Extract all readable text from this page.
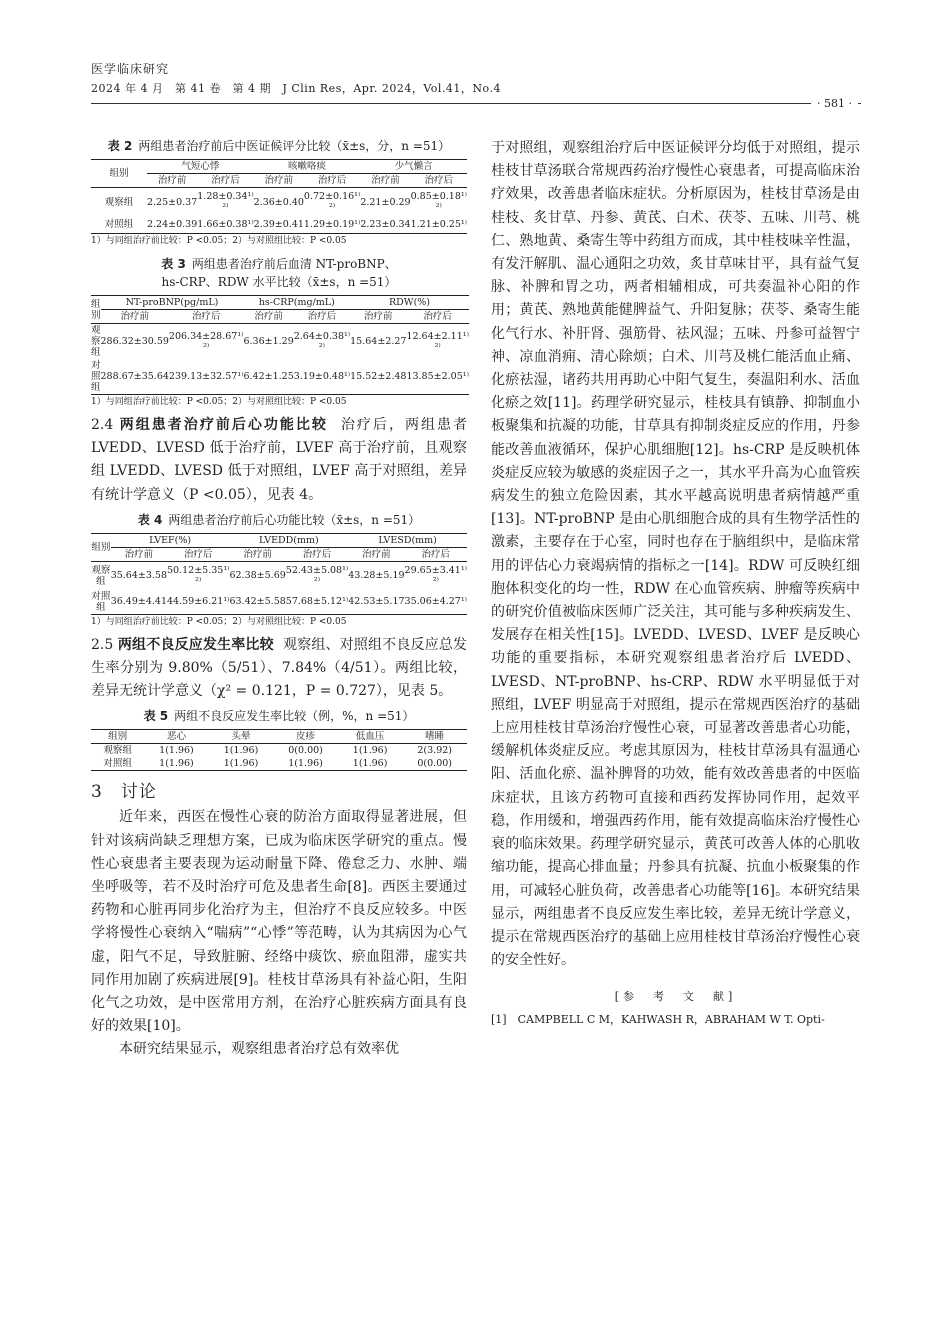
医学临床研究
2024 年 4 月　第 41 卷　第 4 期　J Clin Res，Apr. 2024，Vol.41，No.4
· 581 ·
表 2 两组患者治疗前后中医证候评分比较（x̄±s，分，n =51）
组别	气短心悸		咳嗽咯痰		少气懒言	
	治疗前	治疗后	治疗前	治疗后	治疗前	治疗后
观察组	2.25±0.37	1.28±0.34¹⁾²⁾	2.36±0.40	0.72±0.16¹⁾²⁾	2.21±0.29	0.85±0.18¹⁾²⁾
对照组	2.24±0.39	1.66±0.38¹⁾	2.39±0.41	1.29±0.19¹⁾	2.23±0.34	1.21±0.25¹⁾
1）与同组治疗前比较：P <0.05；2）与对照组比较：P <0.05
表 3 两组患者治疗前后血清 NT-proBNP、
hs-CRP、RDW 水平比较（x̄±s，n =51）
组别	NT-proBNP(pg/mL)		hs-CRP(mg/mL)		RDW(%)	
	治疗前	治疗后	治疗前	治疗后	治疗前	治疗后
观察组	286.32±30.59	206.34±28.67¹⁾²⁾	6.36±1.29	2.64±0.38¹⁾²⁾	15.64±2.27	12.64±2.11¹⁾²⁾
对照组	288.67±35.64	239.13±32.57¹⁾	6.42±1.25	3.19±0.48¹⁾	15.52±2.48	13.85±2.05¹⁾
1）与同组治疗前比较：P <0.05；2）与对照组比较：P <0.05

2.4 两组患者治疗前后心功能比较 治疗后，两组患者 LVEDD、LVESD 低于治疗前，LVEF 高于治疗前，且观察组 LVEDD、LVESD 低于对照组，LVEF 高于对照组，差异有统计学意义（P <0.05），见表 4。

表 4 两组患者治疗前后心功能比较（x̄±s，n =51）
组别	LVEF(%)		LVEDD(mm)		LVESD(mm)	
	治疗前	治疗后	治疗前	治疗后	治疗前	治疗后
观察组	35.64±3.58	50.12±5.35¹⁾²⁾	62.38±5.69	52.43±5.08¹⁾²⁾	43.28±5.19	29.65±3.41¹⁾²⁾
对照组	36.49±4.41	44.59±6.21¹⁾	63.42±5.58	57.68±5.12¹⁾	42.53±5.17	35.06±4.27¹⁾
1）与同组治疗前比较：P <0.05；2）与对照组比较：P <0.05

2.5 两组不良反应发生率比较 观察组、对照组不良反应总发生率分别为 9.80%（5/51）、7.84%（4/51）。两组比较，差异无统计学意义（χ² = 0.121，P = 0.727），见表 5。

表 5 两组不良反应发生率比较（例，%，n =51）
组别	恶心	头晕	皮疹	低血压	嗜睡
观察组	1(1.96)	1(1.96)	0(0.00)	1(1.96)	2(3.92)
对照组	1(1.96)	1(1.96)	1(1.96)	1(1.96)	0(0.00)
3　讨论

近年来，西医在慢性心衰的防治方面取得显著进展，但针对该病尚缺乏理想方案，已成为临床医学研究的重点。慢性心衰患者主要表现为运动耐量下降、倦怠乏力、水肿、端坐呼吸等，若不及时治疗可危及患者生命[8]。西医主要通过药物和心脏再同步化治疗为主，但治疗不良反应较多。中医学将慢性心衰纳入“喘病”“心悸”等范畴，认为其病因为心气虚，阳气不足，导致脏腑、经络中痰饮、瘀血阻滞，虚实共同作用加剧了疾病进展[9]。桂枝甘草汤具有补益心阳，生阳化气之功效，是中医常用方剂，在治疗心脏疾病方面具有良好的效果[10]。

本研究结果显示，观察组患者治疗总有效率优

于对照组，观察组治疗后中医证候评分均低于对照组，提示桂枝甘草汤联合常规西药治疗慢性心衰患者，可提高临床治疗效果，改善患者临床症状。分析原因为，桂枝甘草汤是由桂枝、炙甘草、丹参、黄芪、白术、茯苓、五味、川芎、桃仁、熟地黄、桑寄生等中药组方而成，其中桂枝味辛性温，有发汗解肌、温心通阳之功效，炙甘草味甘平，具有益气复脉、补脾和胃之功，两者相辅相成，可共奏温补心阳的作用；黄芪、熟地黄能健脾益气、升阳复脉；茯苓、桑寄生能化气行水、补肝肾、强筋骨、祛风湿；五味、丹参可益智宁神、凉血消痈、清心除烦；白术、川芎及桃仁能活血止痛、化瘀祛湿，诸药共用再助心中阳气复生，奏温阳利水、活血化瘀之效[11]。药理学研究显示，桂枝具有镇静、抑制血小板聚集和抗凝的功能，甘草具有抑制炎症反应的作用，丹参能改善血液循环，保护心肌细胞[12]。hs-CRP 是反映机体炎症反应较为敏感的炎症因子之一，其水平升高为心血管疾病发生的独立危险因素，其水平越高说明患者病情越严重[13]。NT-proBNP 是由心肌细胞合成的具有生物学活性的激素，主要存在于心室，同时也存在于脑组织中，是临床常用的评估心力衰竭病情的指标之一[14]。RDW 可反映红细胞体积变化的均一性，RDW 在心血管疾病、肿瘤等疾病中的研究价值被临床医师广泛关注，其可能与多种疾病发生、发展存在相关性[15]。LVEDD、LVESD、LVEF 是反映心功能的重要指标，本研究观察组患者治疗后 LVEDD、LVESD、NT-proBNP、hs-CRP、RDW 水平明显低于对照组，LVEF 明显高于对照组，提示在常规西医治疗的基础上应用桂枝甘草汤治疗慢性心衰，可显著改善患者心功能，缓解机体炎症反应。考虑其原因为，桂枝甘草汤具有温通心阳、活血化瘀、温补脾肾的功效，能有效改善患者的中医临床症状，且该方药物可直接和西药发挥协同作用，起效平稳，作用缓和，增强西药作用，能有效提高临床治疗慢性心衰的临床效果。药理学研究显示，黄芪可改善人体的心肌收缩功能，提高心排血量；丹参具有抗凝、抗血小板聚集的作用，可减轻心脏负荷，改善患者心功能等[16]。本研究结果显示，两组患者不良反应发生率比较，差异无统计学意义，提示在常规西医治疗的基础上应用桂枝甘草汤治疗慢性心衰的安全性好。

[参　考　文　献]
[1]　CAMPBELL C M，KAHWASH R，ABRAHAM W T. Opti-
